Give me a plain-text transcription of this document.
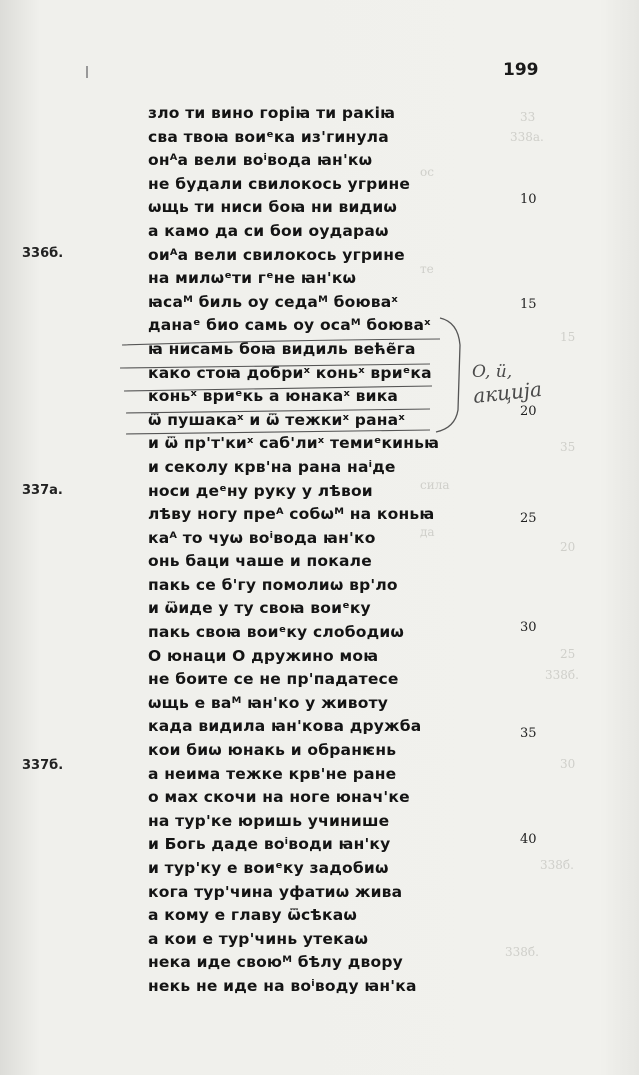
199
33
338а.
ос
15
те
35
сила
20
да
25
338б.
30
338б.
338б.
336б.
337а.
337б.
10
15
20
25
30
35
40
зло ти вино горіꙗ ти ракіꙗ
сва твоꙗ воиᵉка из'гинула
онᴬа вели воⁱвода ꙗн'кѡ
не будали свилокось угрине
ѡщь ти ниси боꙗ ни видиѡ
а камо да си бои оудараѡ
оиᴬа вели свилокось угрине
на милѡᵉти гᵉне ꙗн'кѡ
ꙗсаᴹ биль оу седаᴹ боюваˣ
данаᵉ био самь оу осаᴹ боюваˣ
ꙗ нисамь боꙗ видиль веће̃га
како стоꙗ добриˣ коньˣ вриᵉка
коньˣ вриᵉкь а юнакаˣ вика
ѿ пушакаˣ и ѿ тежкиˣ ранаˣ
и ѿ пр'т'киˣ саб'лиˣ темиᵉкиньꙗ
и секолу крв'на рана наⁱде
носи деᵉну руку у лѣвои
лѣву ногу преᴬ собѡᴹ на коньꙗ
каᴬ то чуѡ воⁱвода ꙗн'ко
онь баци чаше и покале
пакь се б'гу помолиѡ вр'ло
и ѿиде у ту своꙗ воиᵉку
пакь своꙗ воиᵉку слободиѡ
О юнаци О дружино моꙗ
не боите се не пр'падатесе
ѡщь е ваᴹ ꙗн'ко у животу
када видила ꙗн'кова дружба
кои биѡ юнакь и обранѥнь
а неима тежке крв'не ране
о мах скочи на ноге юнач'ке
на тур'ке юришь учинише
и Богь даде воⁱводи ꙗн'ку
и тур'ку е воиᵉку задобиѡ
кога тур'чина уфатиѡ жива
а кому е главу ѿсѣкаѡ
а кои е тур'чинь утекаѡ
нека иде своюᴹ бѣлу двору
некь не иде на воⁱводу ꙗн'ка
O, ü,
акција
